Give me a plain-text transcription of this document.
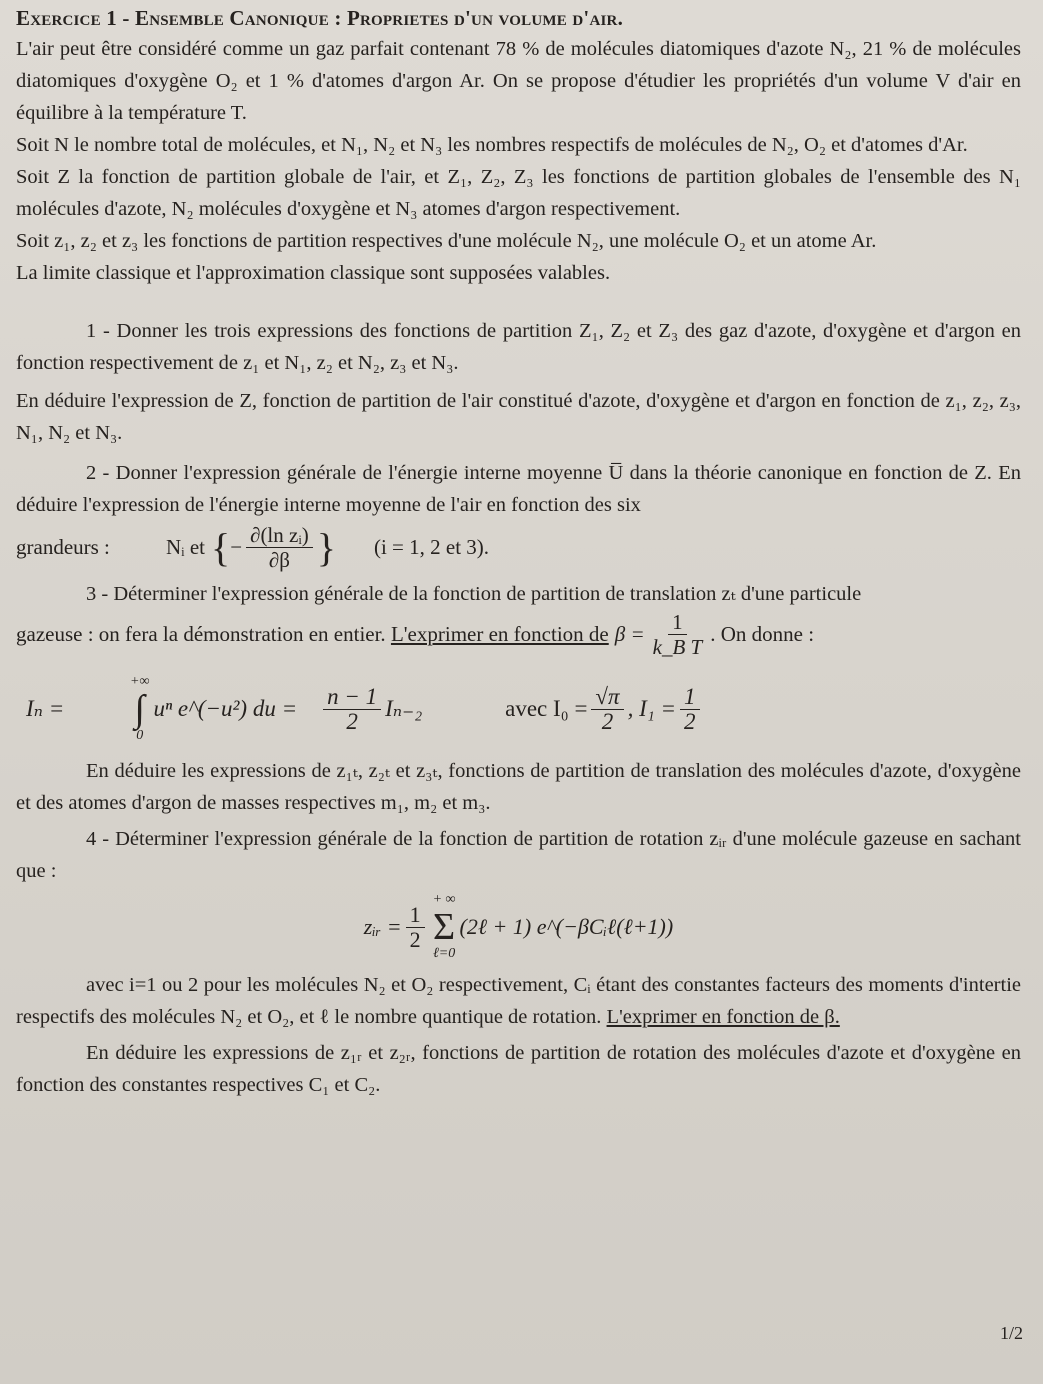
Exercice 1 - Ensemble Canonique : Proprietes d'un volume d'air.

L'air peut être considéré comme un gaz parfait contenant 78 % de molécules diatomiques d'azote N₂, 21 % de molécules diatomiques d'oxygène O₂ et 1 % d'atomes d'argon Ar. On se propose d'étudier les propriétés d'un volume V d'air en équilibre à la température T.

Soit N le nombre total de molécules, et N₁, N₂ et N₃ les nombres respectifs de molécules de N₂, O₂ et d'atomes d'Ar.

Soit Z la fonction de partition globale de l'air, et Z₁, Z₂, Z₃ les fonctions de partition globales de l'ensemble des N₁ molécules d'azote, N₂ molécules d'oxygène et N₃ atomes d'argon respectivement.

Soit z₁, z₂ et z₃ les fonctions de partition respectives d'une molécule N₂, une molécule O₂ et un atome Ar.

La limite classique et l'approximation classique sont supposées valables.

1 - Donner les trois expressions des fonctions de partition Z₁, Z₂ et Z₃ des gaz d'azote, d'oxygène et d'argon en fonction respectivement de z₁ et N₁, z₂ et N₂, z₃ et N₃.

En déduire l'expression de Z, fonction de partition de l'air constitué d'azote, d'oxygène et d'argon en fonction de z₁, z₂, z₃, N₁, N₂ et N₃.

2 - Donner l'expression générale de l'énergie interne moyenne U̅ dans la théorie canonique en fonction de Z. En déduire l'expression de l'énergie interne moyenne de l'air en fonction des six

grandeurs :	Nᵢ et { − $\frac{\text{∂(ln zᵢ)}}{\partial\beta}$ } (i = 1, 2 et 3).

3 - Déterminer l'expression générale de la fonction de partition de translation zₜ d'une particule

gazeuse : on fera la démonstration en entier.
L'exprimer en fonction de $\beta = \frac{1}{\text{k\_B T}}$ . On donne :
Iₙ =
+∞
∫
0
uⁿ e^(−u²) du = $\frac{n - 1}{2} I_{n-2}$	avec $I_0 = \frac{√\pi}{2}$ , $I_1 = \frac{1}{2}$

En déduire les expressions de z₁ₜ, z₂ₜ et z₃ₜ, fonctions de partition de translation des molécules d'azote, d'oxygène et des atomes d'argon de masses respectives m₁, m₂ et m₃.

4 - Déterminer l'expression générale de la fonction de partition de rotation zᵢᵣ d'une molécule gazeuse en sachant que :

zᵢᵣ = $\frac{1}{2}$
+ ∞
Σ
ℓ=0
(2ℓ + 1) e^(−βCᵢℓ(ℓ+1))

avec i=1 ou 2 pour les molécules N₂ et O₂ respectivement, Cᵢ étant des constantes facteurs des moments d'intertie respectifs des molécules N₂ et O₂, et ℓ le nombre quantique de rotation. L'exprimer en fonction de β.

En déduire les expressions de z₁ᵣ et z₂ᵣ, fonctions de partition de rotation des molécules d'azote et d'oxygène en fonction des constantes respectives C₁ et C₂.

1/2
